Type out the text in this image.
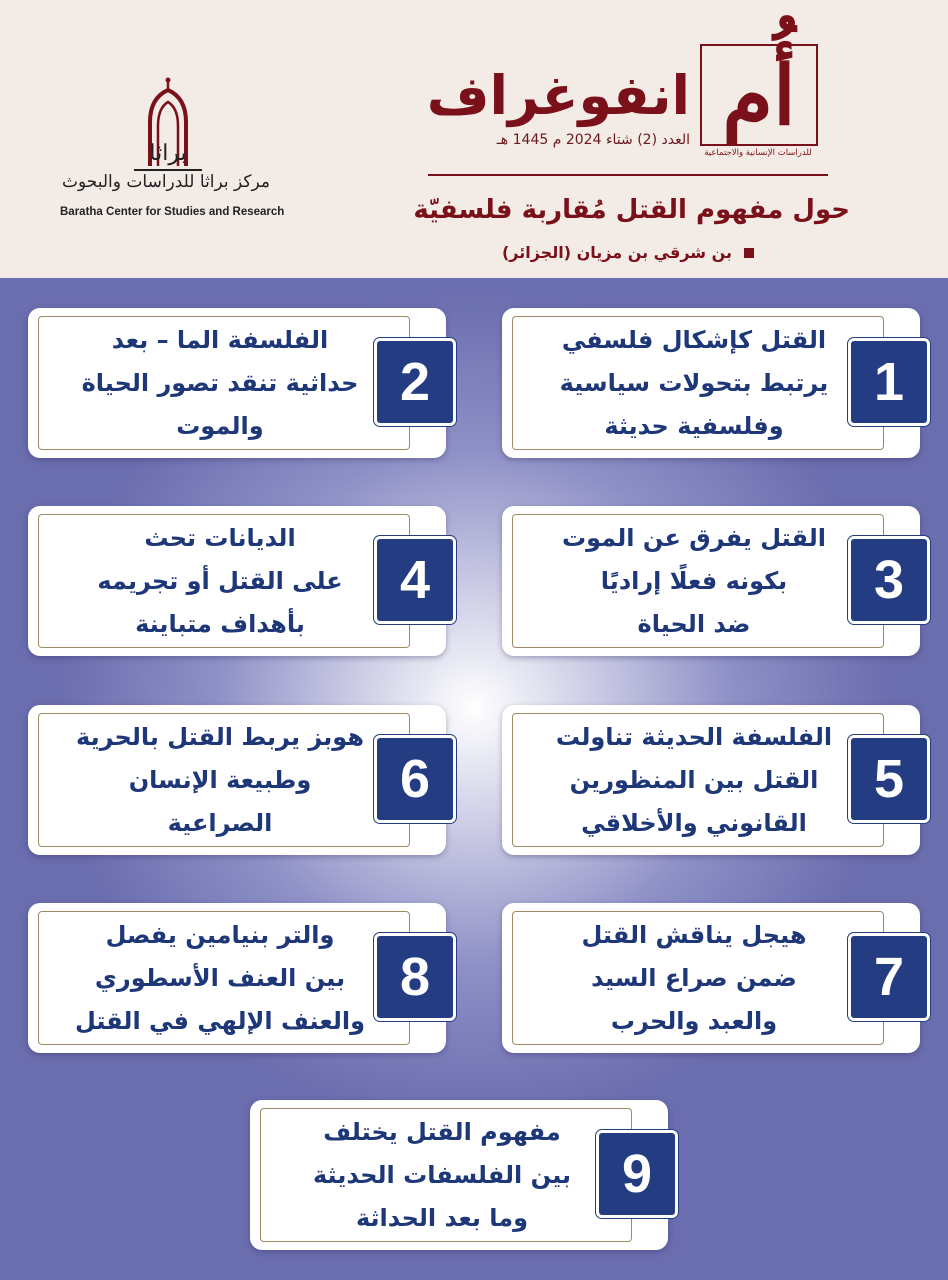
أُم
للدراسات الإنسانية والاجتماعية
انفوغراف
العدد (2) شتاء 2024 م 1445 هـ
حول مفهوم القتل مُقاربة فلسفيّة
بن شرقي بن مزيان (الجزائر)
براثا
مركز براثا للدراسات والبحوث
Baratha Center for Studies and Research
القتل كإشكال فلسفي
يرتبط بتحولات سياسية
وفلسفية حديثة
1
الفلسفة الما – بعد
حداثية تنقد تصور الحياة
والموت
2
القتل يفرق عن الموت
بكونه فعلًا إراديًا
ضد الحياة
3
الديانات تحث
على القتل أو تجريمه
بأهداف متباينة
4
الفلسفة الحديثة تناولت
القتل بين المنظورين
القانوني والأخلاقي
5
هوبز يربط القتل بالحرية
وطبيعة الإنسان
الصراعية
6
هيجل يناقش القتل
ضمن صراع السيد
والعبد والحرب
7
والتر بنيامين يفصل
بين العنف الأسطوري
والعنف الإلهي في القتل
8
مفهوم القتل يختلف
بين الفلسفات الحديثة
وما بعد الحداثة
9
